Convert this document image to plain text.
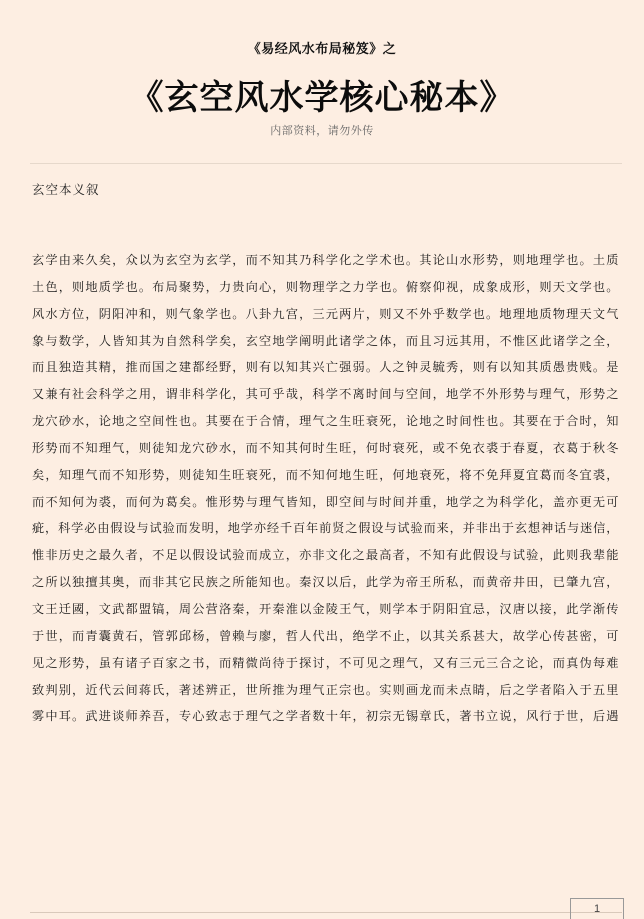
《易经风水布局秘笈》之
《玄空风水学核心秘本》
内部资料，请勿外传
玄空本义叙
玄学由来久矣，众以为玄空为玄学，而不知其乃科学化之学术也。其论山水形势，则地理学也。土质
土色，则地质学也。布局聚势，力贵向心，则物理学之力学也。俯察仰视，成象成形，则天文学也。
风水方位，阴阳冲和，则气象学也。八卦九宫，三元两片，则又不外乎数学也。地理地质物理天文气
象与数学，人皆知其为自然科学矣，玄空地学阐明此诸学之体，而且习远其用，不惟区此诸学之全，
而且独造其精，推而国之建都经野，则有以知其兴亡强弱。人之钟灵毓秀，则有以知其质愚贵贱。是
又兼有社会科学之用，谓非科学化，其可乎哉，科学不离时间与空间，地学不外形势与理气，形势之
龙穴砂水，论地之空间性也。其要在于合情，理气之生旺衰死，论地之时间性也。其要在于合时，知
形势而不知理气，则徒知龙穴砂水，而不知其何时生旺，何时衰死，或不免衣裘于春夏，衣葛于秋冬
矣，知理气而不知形势，则徒知生旺衰死，而不知何地生旺，何地衰死，将不免拜夏宜葛而冬宜裘，
而不知何为裘，而何为葛矣。惟形势与理气皆知，即空间与时间并重，地学之为科学化，盖亦更无可
疵，科学必由假设与试验而发明，地学亦经千百年前贤之假设与试验而来，并非出于玄想神话与迷信，
惟非历史之最久者，不足以假设试验而成立，亦非文化之最高者，不知有此假设与试验，此则我辈能
之所以独擅其奥，而非其它民族之所能知也。秦汉以后，此学为帝王所私，而黄帝井田，已肇九宫，
文王迁國，文武都盟镐，周公营洛秦，开秦淮以金陵王气，则学本于阴阳宜忌，汉唐以接，此学渐传
于世，而青囊黄石，管郭邱杨，曾赖与廖，哲人代出，绝学不止，以其关系甚大，故学心传甚密，可
见之形势，虽有诸子百家之书，而精微尚待于探讨，不可见之理气，又有三元三合之论，而真伪每难
致判别，近代云间蒋氏，著述辨正，世所推为理气正宗也。实则画龙而未点睛，后之学者陷入于五里
雾中耳。武进谈师养吾，专心致志于理气之学者数十年，初宗无锡章氏，著书立说，风行于世，后遇
1
